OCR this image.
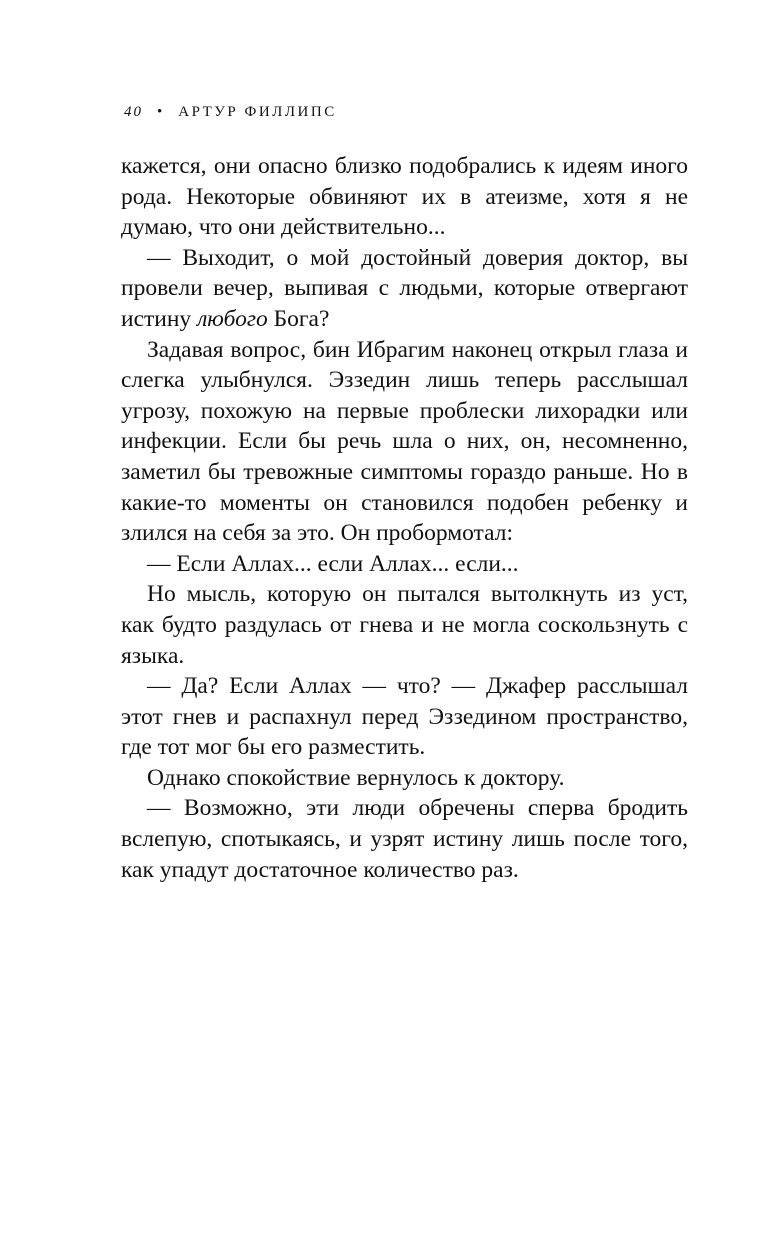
40 • АРТУР ФИЛЛИПС

кажется, они опасно близко подобрались к идеям иного рода. Некоторые обвиняют их в атеизме, хотя я не думаю, что они действительно...

— Выходит, о мой достойный доверия доктор, вы провели вечер, выпивая с людьми, которые отвергают истину любого Бога?

Задавая вопрос, бин Ибрагим наконец открыл глаза и слегка улыбнулся. Эззедин лишь теперь расслышал угрозу, похожую на первые проблески лихорадки или инфекции. Если бы речь шла о них, он, несомненно, заметил бы тревожные симптомы гораздо раньше. Но в какие-то моменты он становился подобен ребенку и злился на себя за это. Он пробормотал:

— Если Аллах... если Аллах... если...

Но мысль, которую он пытался вытолкнуть из уст, как будто раздулась от гнева и не могла соскользнуть с языка.

— Да? Если Аллах — что? — Джафер расслышал этот гнев и распахнул перед Эззедином пространство, где тот мог бы его разместить.

Однако спокойствие вернулось к доктору.

— Возможно, эти люди обречены сперва бродить вслепую, спотыкаясь, и узрят истину лишь после того, как упадут достаточное количество раз.
